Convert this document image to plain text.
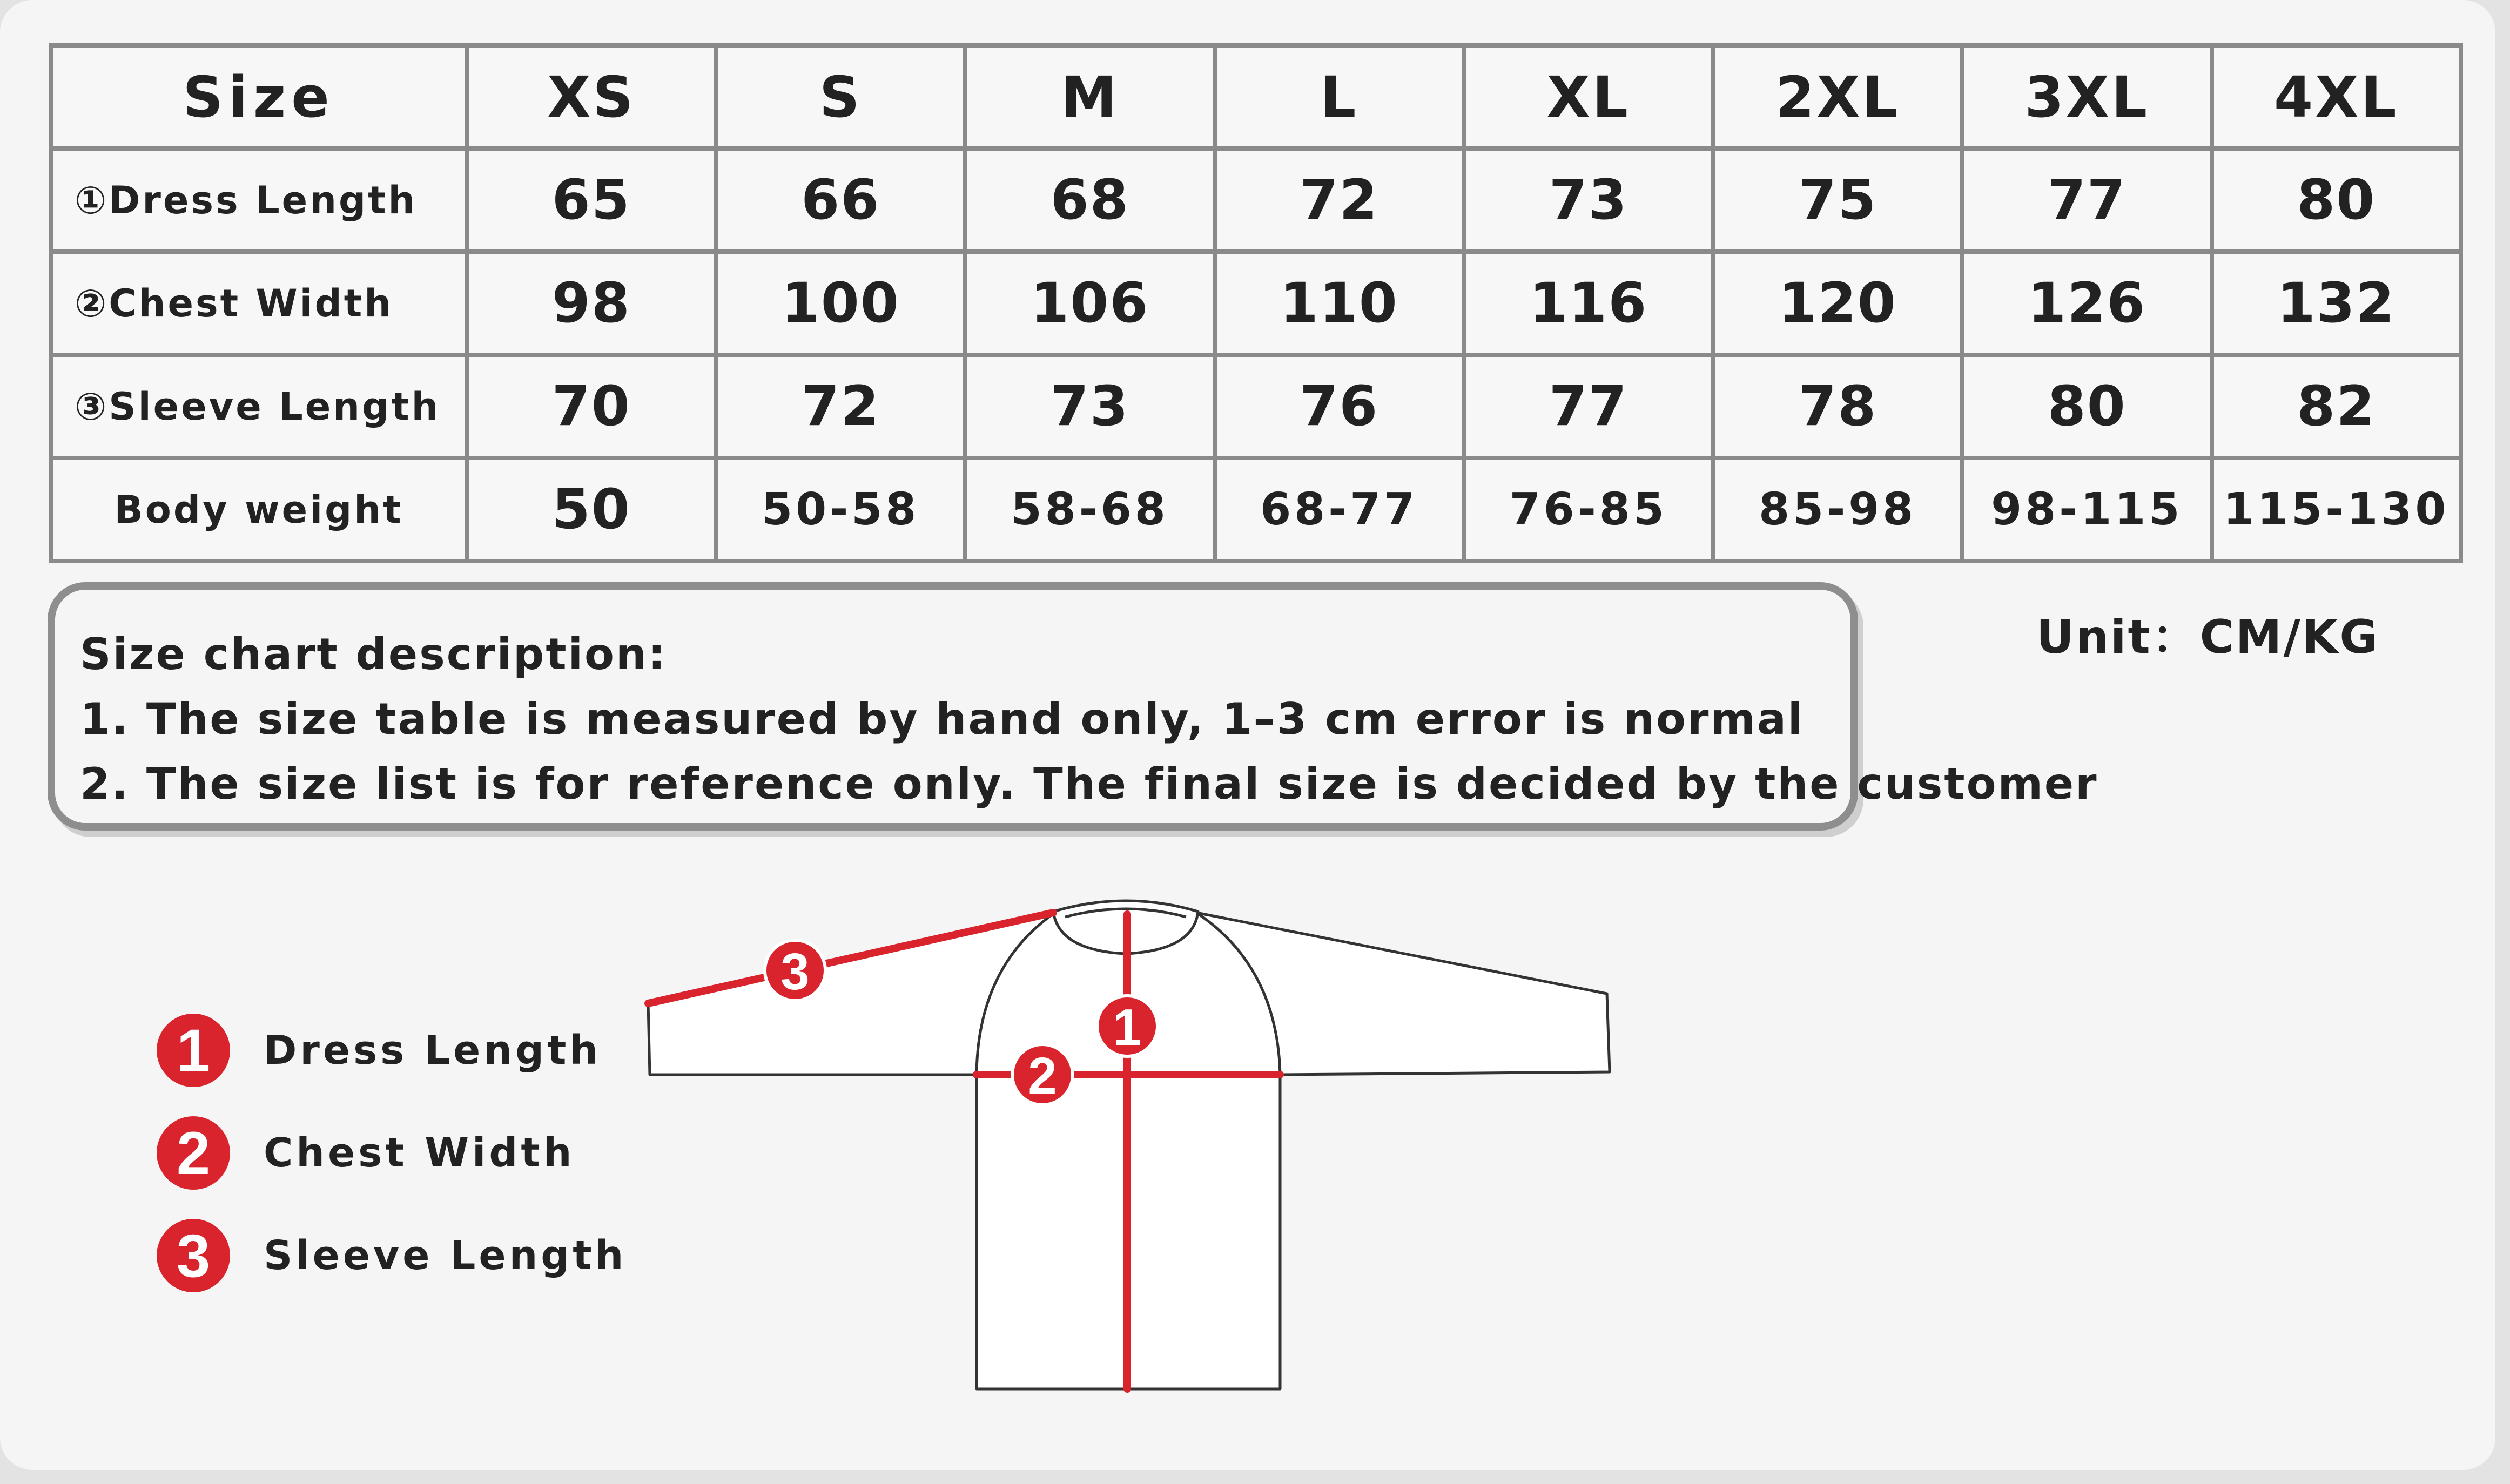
Size	XS	S	M	L	XL	2XL	3XL	4XL
①Dress Length	65	66	68	72	73	75	77	80
②Chest Width	98	100	106	110	116	120	126	132
③Sleeve Length	70	72	73	76	77	78	80	82
Body weight	50	50-58	58-68	68-77	76-85	85-98	98-115	115-130
Size chart description:
1. The size table is measured by hand only, 1–3 cm error is normal
2. The size list is for reference only. The final size is decided by the customer
Unit：CM/KG
1	Dress Length
2	Chest Width
3	Sleeve Length
1
2
3
